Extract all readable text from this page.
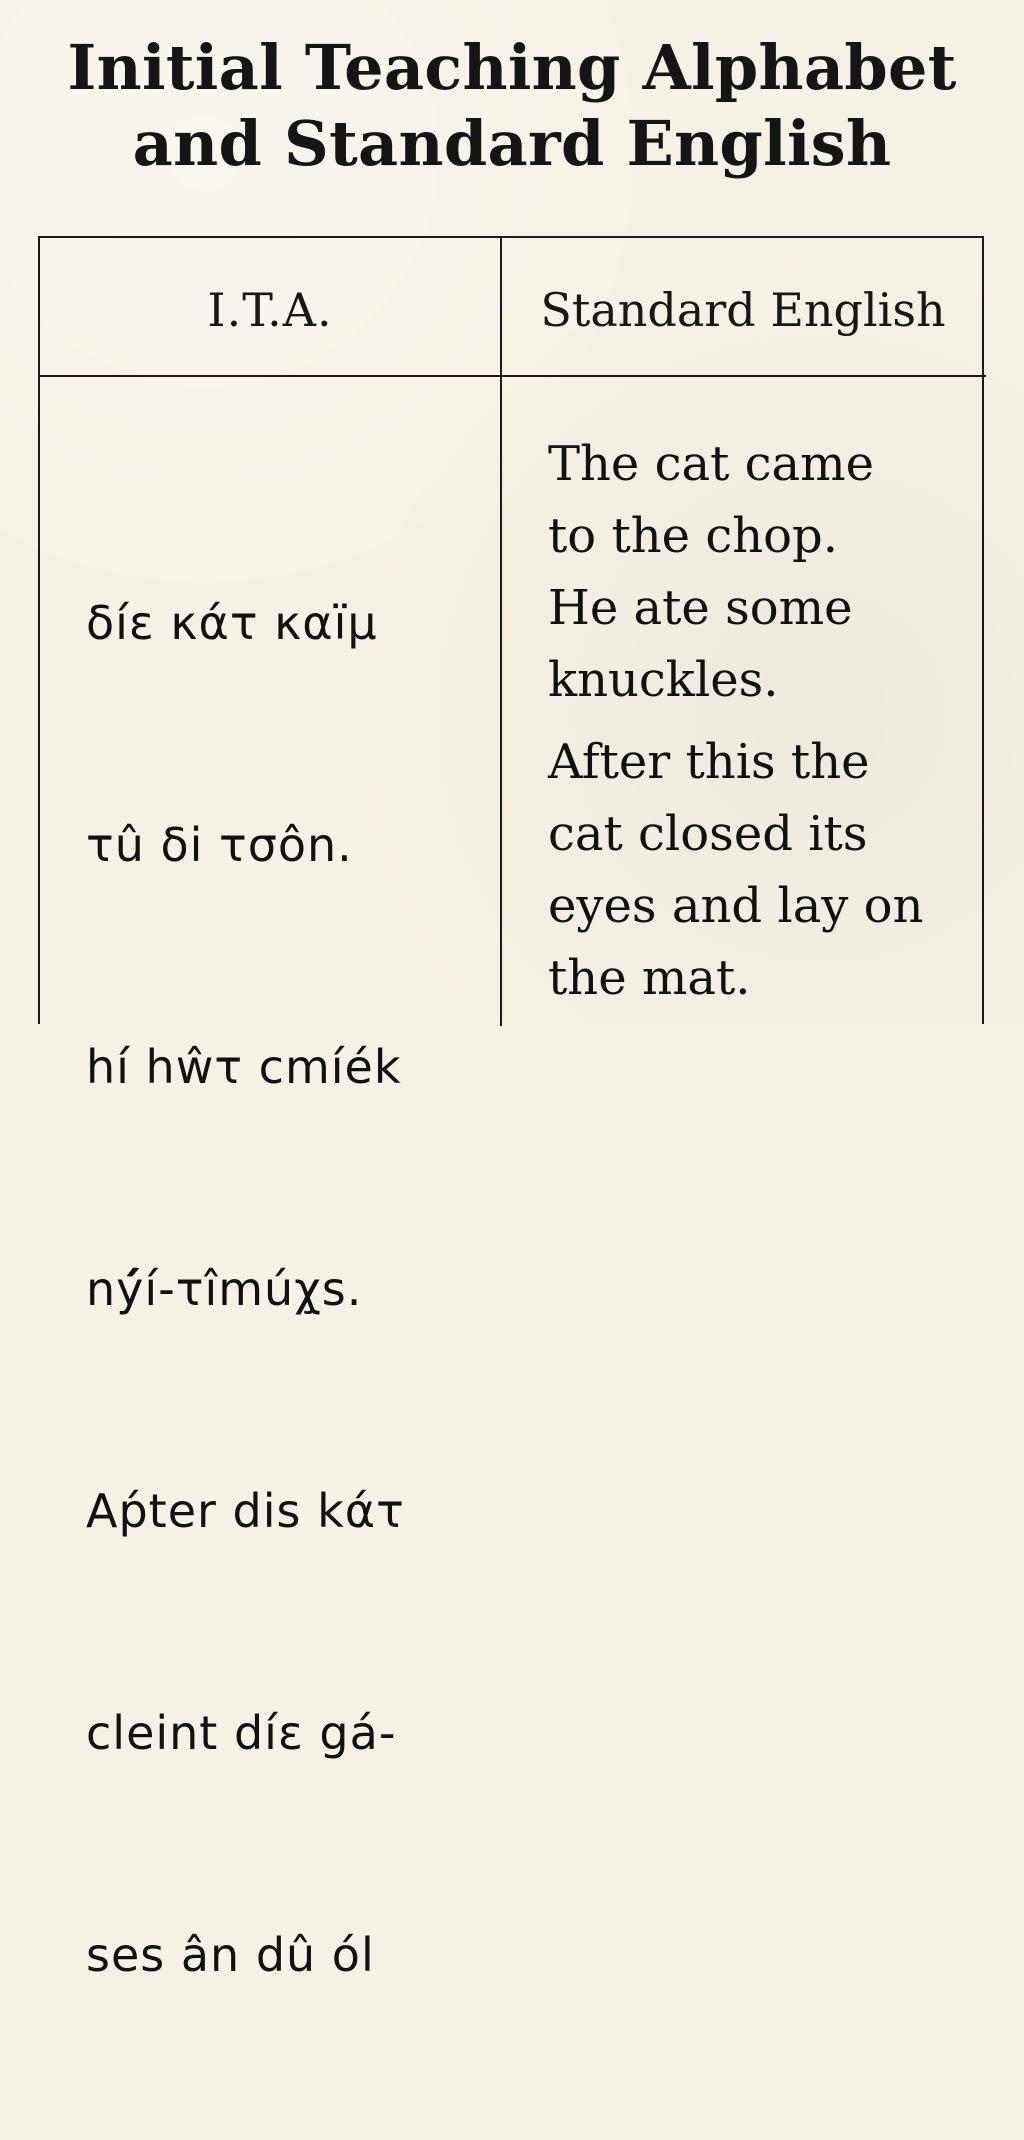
Initial Teaching Alphabet
and Standard English
I.T.A.	Standard English

δíε κάτ καïμ

τû δi τσôn.

hí hŵτ cmíék

ný́í-τîmúχ̧s.

Aṕter dis kάτ

cleint díε gá-

ses ân dû ól

The cat came
to the chop.
He ate some
knuckles.
After this the
cat closed its
eyes and lay on
the mat.
